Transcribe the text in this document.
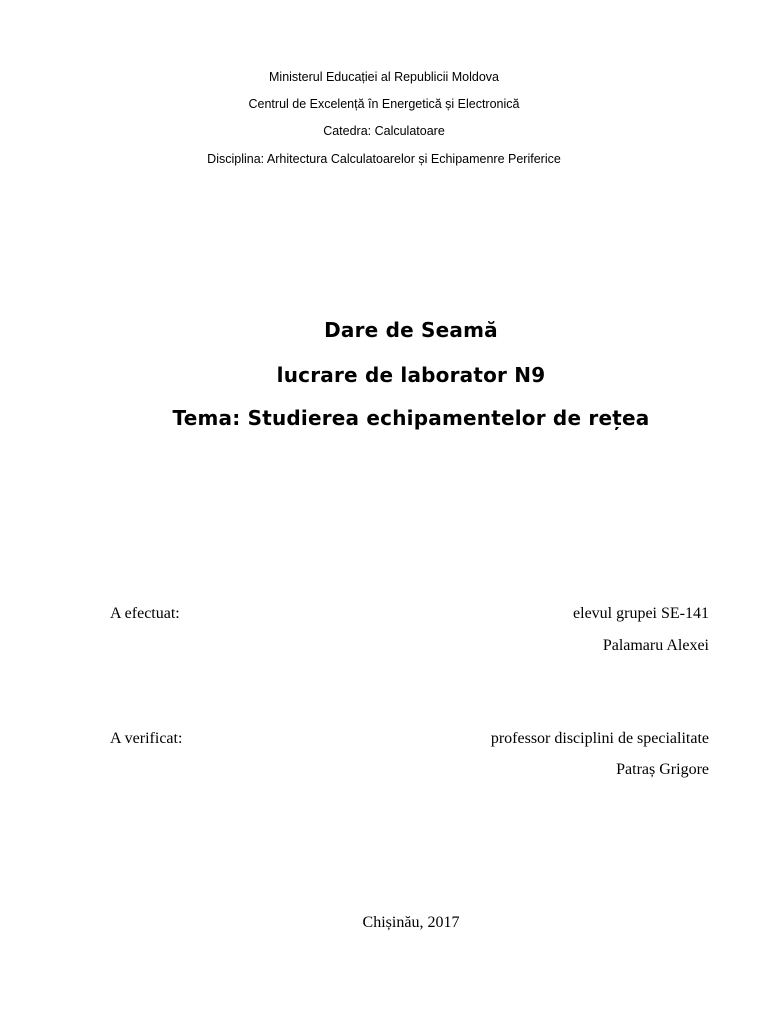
Ministerul Educației al Republicii Moldova
Centrul de Excelență în Energetică și Electronică
Catedra: Calculatoare
Disciplina: Arhitectura Calculatoarelor și Echipamenre Periferice
Dare de Seamă
lucrare de laborator N9
Tema: Studierea echipamentelor de rețea
A efectuat:	elevul grupei SE-141
Palamaru Alexei
A verificat:	professor disciplini de specialitate
Patraș Grigore
Chișinău, 2017
